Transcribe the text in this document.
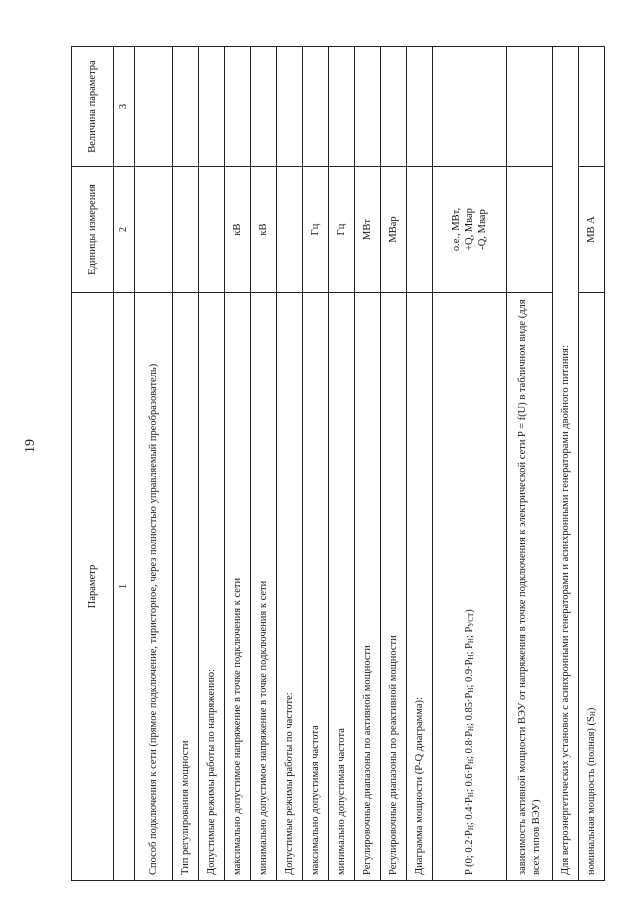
19
Параметр	Единицы измерения	Величина параметра
1	2	3
Способ подключения к сети (прямое подключение, тиристорное, через полностью управляемый преобразователь)		
Тип регулирования мощности		
Допустимые режимы работы по напряжению:		
максимально допустимое напряжение в точке подключения к сети	кВ	
минимально допустимое напряжение в точке подключения к сети	кВ	
Допустимые режимы работы по частоте:		
максимально допустимая частота	Гц	
минимально допустимая частота	Гц	
Регулировочные диапазоны по активной мощности	МВт	
Регулировочные диапазоны по реактивной мощности	МВар	
Диаграмма мощности (P-Q диаграмма):		
P (0; 0.2·PН; 0.4·PН; 0.6·PН; 0.8·PН; 0.85·PН; 0.9·PН; PН; PУСТ)	о.е., МВт, +Q, Мвар -Q, Мвар	

зависимость активной мощности ВЭУ от напряжения в точке подключения к электрической сети P = f(U) в табличном виде (для всех типов ВЭУ)		
Для ветроэнергетических установок с асинхронными генераторами и асинхронными генераторами двойного питания:		
номинальная мощность (полная) (SН)	МВ А	
